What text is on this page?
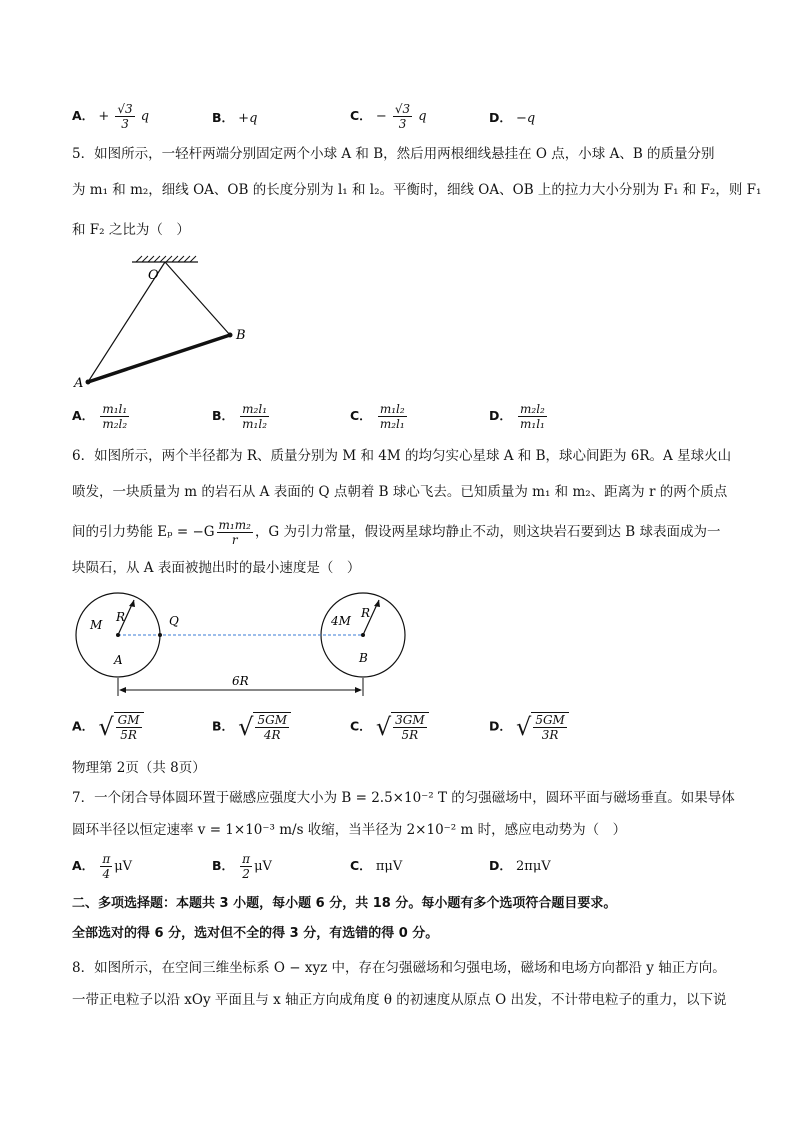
A． + $\frac{√3}{3}$ q	B． +q	C． − $\frac{√3}{3}$ q	D． −q
5．如图所示，一轻杆两端分别固定两个小球 A 和 B，然后用两根细线悬挂在 O 点，小球 A、B 的质量分别
为 m₁ 和 m₂，细线 OA、OB 的长度分别为 l₁ 和 l₂。平衡时，细线 OA、OB 上的拉力大小分别为 F₁ 和 F₂，则 F₁
和 F₂ 之比为（　）
O
A
B
A． $\frac{\text{m₁l₁}}{\text{m₂l₂}}$	B． $\frac{\text{m₂l₁}}{\text{m₁l₂}}$	C． $\frac{\text{m₁l₂}}{\text{m₂l₁}}$	D． $\frac{\text{m₂l₂}}{\text{m₁l₁}}$
6．如图所示，两个半径都为 R、质量分别为 M 和 4M 的均匀实心星球 A 和 B，球心间距为 6R。A 星球火山
喷发，一块质量为 m 的岩石从 A 表面的 Q 点朝着 B 球心飞去。已知质量为 m₁ 和 m₂、距离为 r 的两个质点
间的引力势能 $E_p = -G \frac{\text{m₁m₂}}{r}$ ，G 为引力常量，假设两星球均静止不动，则这块岩石要到达 B 球表面成为一
块陨石，从 A 表面被抛出时的最小速度是（　）
M
R	Q
A
4M
R
B
6R
A． √ $\frac{GM}{5R}$	B． √ $\frac{5GM}{4R}$	C． √ $\frac{3GM}{5R}$	D． √ $\frac{5GM}{3R}$
物理第 2页（共 8页）
7．一个闭合导体圆环置于磁感应强度大小为 B = 2.5×10⁻² T 的匀强磁场中，圆环平面与磁场垂直。如果导体
圆环半径以恒定速率 v = 1×10⁻³ m/s 收缩，当半径为 2×10⁻² m 时，感应电动势为（　）
A． $\frac{\pi}{4}$ μV	B． $\frac{\pi}{2}$ μV	C． πμV	D． 2πμV
二、多项选择题：本题共 3 小题，每小题 6 分，共 18 分。每小题有多个选项符合题目要求。
全部选对的得 6 分，选对但不全的得 3 分，有选错的得 0 分。
8．如图所示，在空间三维坐标系 O − xyz 中，存在匀强磁场和匀强电场，磁场和电场方向都沿 y 轴正方向。
一带正电粒子以沿 xOy 平面且与 x 轴正方向成角度 θ 的初速度从原点 O 出发，不计带电粒子的重力，以下说
